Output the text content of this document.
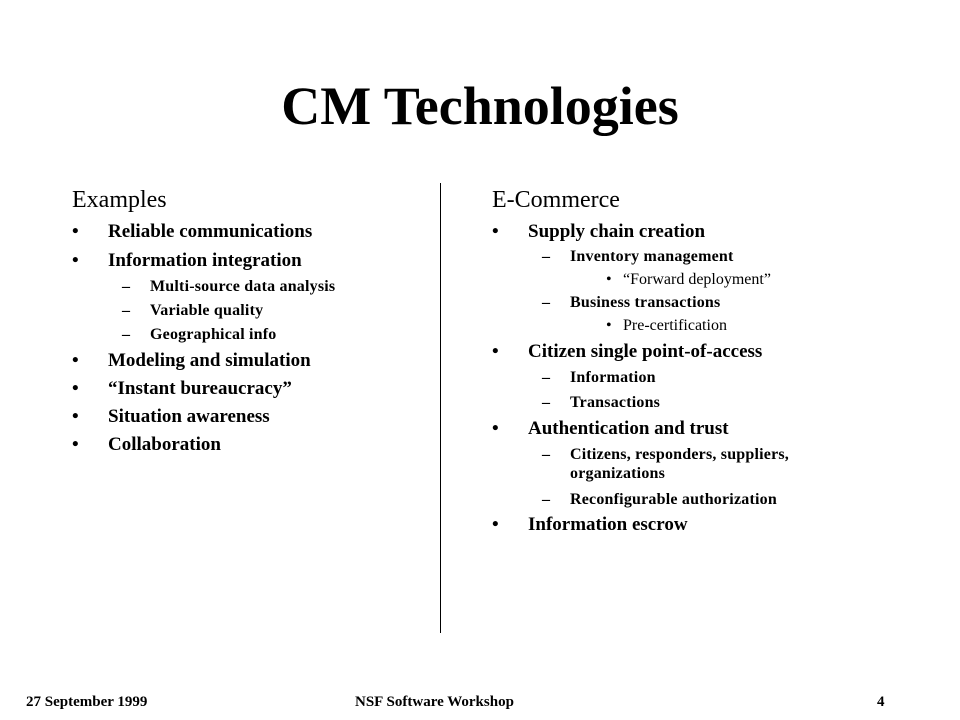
CM Technologies
Examples
• Reliable communications
• Information integration
– Multi-source data analysis
– Variable quality
– Geographical info
• Modeling and simulation
• “Instant bureaucracy”
• Situation awareness
• Collaboration
E-Commerce
• Supply chain creation
– Inventory management
• “Forward deployment”
– Business transactions
• Pre-certification
• Citizen single point-of-access
– Information
– Transactions
• Authentication and trust
– Citizens, responders, suppliers,
organizations
– Reconfigurable authorization
• Information escrow
27 September 1999	NSF Software Workshop	4
